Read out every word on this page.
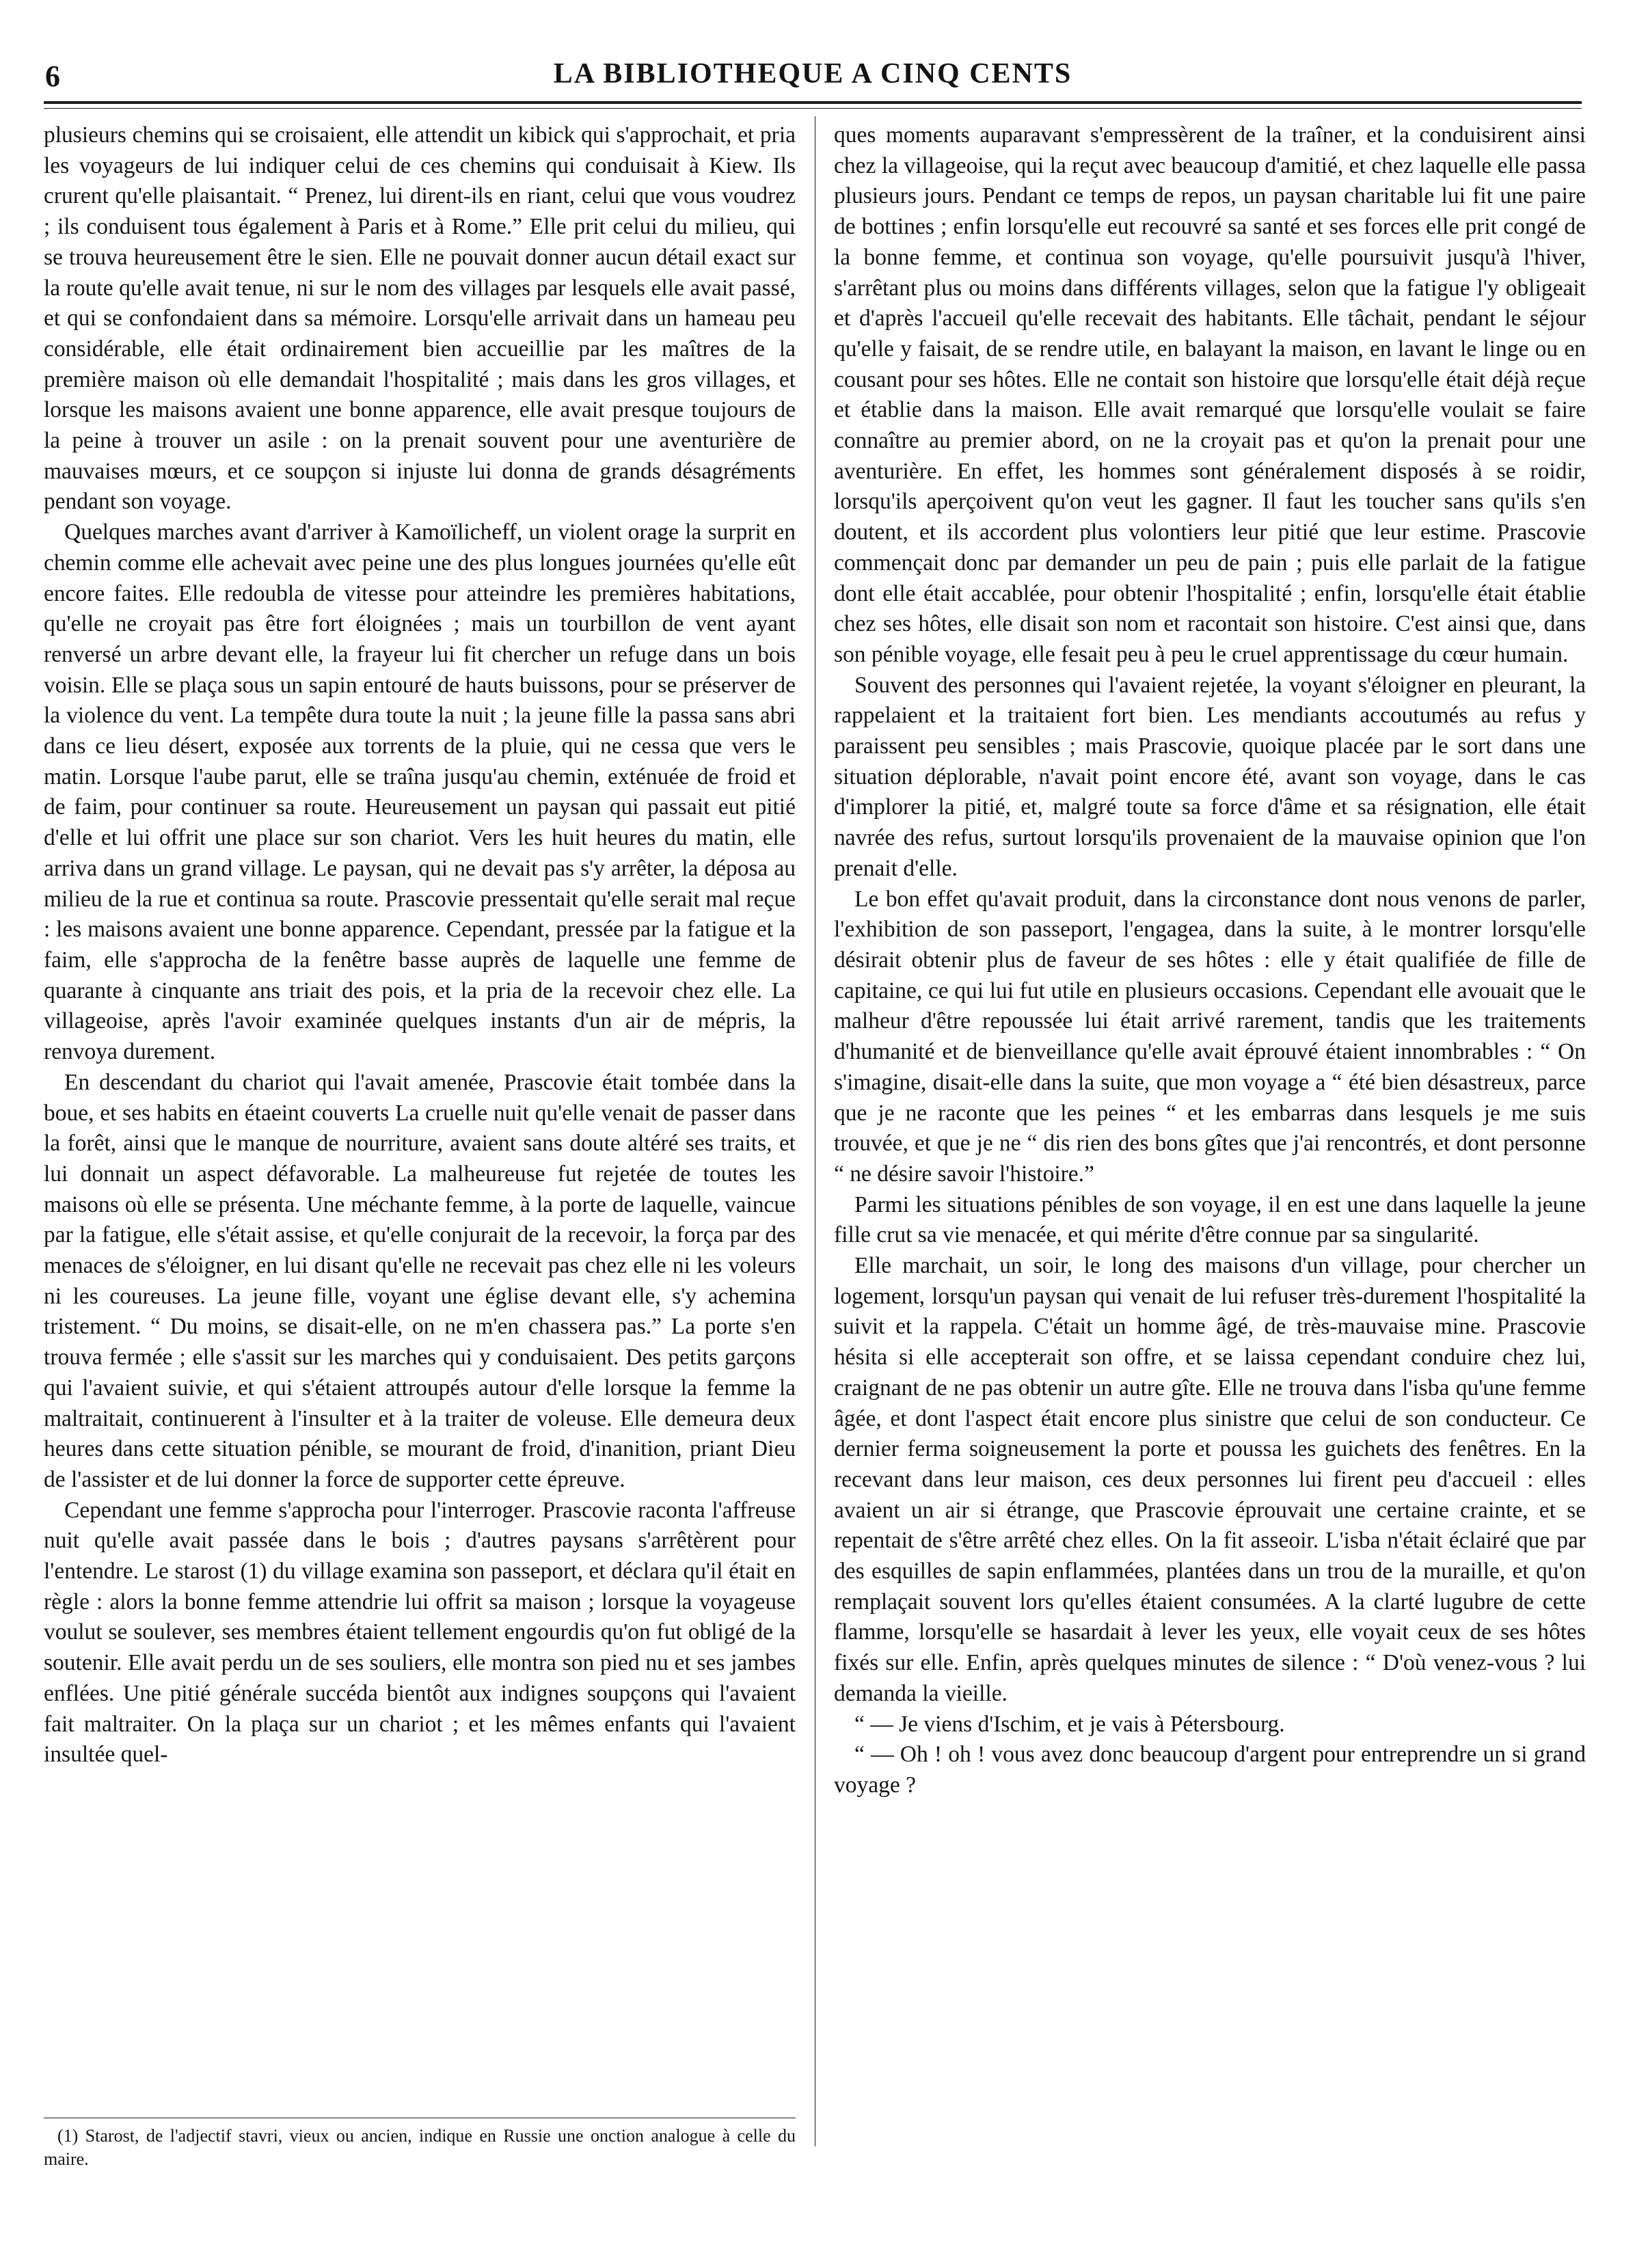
6	LA BIBLIOTHEQUE A CINQ CENTS

plusieurs chemins qui se croisaient, elle attendit un kibick qui s'approchait, et pria les voyageurs de lui indiquer celui de ces chemins qui conduisait à Kiew. Ils crurent qu'elle plaisantait. “ Prenez, lui dirent-ils en riant, celui que vous voudrez ; ils conduisent tous également à Paris et à Rome.” Elle prit celui du milieu, qui se trouva heureusement être le sien. Elle ne pouvait donner aucun détail exact sur la route qu'elle avait tenue, ni sur le nom des villages par lesquels elle avait passé, et qui se confondaient dans sa mémoire. Lorsqu'elle arrivait dans un hameau peu considérable, elle était ordinairement bien accueillie par les maîtres de la première maison où elle demandait l'hospitalité ; mais dans les gros villages, et lorsque les maisons avaient une bonne apparence, elle avait presque toujours de la peine à trouver un asile : on la prenait souvent pour une aventurière de mauvaises mœurs, et ce soupçon si injuste lui donna de grands désagréments pendant son voyage.

Quelques marches avant d'arriver à Kamoïlicheff, un violent orage la surprit en chemin comme elle achevait avec peine une des plus longues journées qu'elle eût encore faites. Elle redoubla de vitesse pour atteindre les premières habitations, qu'elle ne croyait pas être fort éloignées ; mais un tourbillon de vent ayant renversé un arbre devant elle, la frayeur lui fit chercher un refuge dans un bois voisin. Elle se plaça sous un sapin entouré de hauts buissons, pour se préserver de la violence du vent. La tempête dura toute la nuit ; la jeune fille la passa sans abri dans ce lieu désert, exposée aux torrents de la pluie, qui ne cessa que vers le matin. Lorsque l'aube parut, elle se traîna jusqu'au chemin, exténuée de froid et de faim, pour continuer sa route. Heureusement un paysan qui passait eut pitié d'elle et lui offrit une place sur son chariot. Vers les huit heures du matin, elle arriva dans un grand village. Le paysan, qui ne devait pas s'y arrêter, la déposa au milieu de la rue et continua sa route. Prascovie pressentait qu'elle serait mal reçue : les maisons avaient une bonne apparence. Cependant, pressée par la fatigue et la faim, elle s'approcha de la fenêtre basse auprès de laquelle une femme de quarante à cinquante ans triait des pois, et la pria de la recevoir chez elle. La villageoise, après l'avoir examinée quelques instants d'un air de mépris, la renvoya durement.

En descendant du chariot qui l'avait amenée, Prascovie était tombée dans la boue, et ses habits en étaeint couverts La cruelle nuit qu'elle venait de passer dans la forêt, ainsi que le manque de nourriture, avaient sans doute altéré ses traits, et lui donnait un aspect défavorable. La malheureuse fut rejetée de toutes les maisons où elle se présenta. Une méchante femme, à la porte de laquelle, vaincue par la fatigue, elle s'était assise, et qu'elle conjurait de la recevoir, la força par des menaces de s'éloigner, en lui disant qu'elle ne recevait pas chez elle ni les voleurs ni les coureuses. La jeune fille, voyant une église devant elle, s'y achemina tristement. “ Du moins, se disait-elle, on ne m'en chassera pas.” La porte s'en trouva fermée ; elle s'assit sur les marches qui y conduisaient. Des petits garçons qui l'avaient suivie, et qui s'étaient attroupés autour d'elle lorsque la femme la maltraitait, continuerent à l'insulter et à la traiter de voleuse. Elle demeura deux heures dans cette situation pénible, se mourant de froid, d'inanition, priant Dieu de l'assister et de lui donner la force de supporter cette épreuve.

Cependant une femme s'approcha pour l'interroger. Prascovie raconta l'affreuse nuit qu'elle avait passée dans le bois ; d'autres paysans s'arrêtèrent pour l'entendre. Le starost (1) du village examina son passeport, et déclara qu'il était en règle : alors la bonne femme attendrie lui offrit sa maison ; lorsque la voyageuse voulut se soulever, ses membres étaient tellement engourdis qu'on fut obligé de la soutenir. Elle avait perdu un de ses souliers, elle montra son pied nu et ses jambes enflées. Une pitié générale succéda bientôt aux indignes soupçons qui l'avaient fait maltraiter. On la plaça sur un chariot ; et les mêmes enfants qui l'avaient insultée quel-

ques moments auparavant s'empressèrent de la traîner, et la conduisirent ainsi chez la villageoise, qui la reçut avec beaucoup d'amitié, et chez laquelle elle passa plusieurs jours. Pendant ce temps de repos, un paysan charitable lui fit une paire de bottines ; enfin lorsqu'elle eut recouvré sa santé et ses forces elle prit congé de la bonne femme, et continua son voyage, qu'elle poursuivit jusqu'à l'hiver, s'arrêtant plus ou moins dans différents villages, selon que la fatigue l'y obligeait et d'après l'accueil qu'elle recevait des habitants. Elle tâchait, pendant le séjour qu'elle y faisait, de se rendre utile, en balayant la maison, en lavant le linge ou en cousant pour ses hôtes. Elle ne contait son histoire que lorsqu'elle était déjà reçue et établie dans la maison. Elle avait remarqué que lorsqu'elle voulait se faire connaître au premier abord, on ne la croyait pas et qu'on la prenait pour une aventurière. En effet, les hommes sont généralement disposés à se roidir, lorsqu'ils aperçoivent qu'on veut les gagner. Il faut les toucher sans qu'ils s'en doutent, et ils accordent plus volontiers leur pitié que leur estime. Prascovie commençait donc par demander un peu de pain ; puis elle parlait de la fatigue dont elle était accablée, pour obtenir l'hospitalité ; enfin, lorsqu'elle était établie chez ses hôtes, elle disait son nom et racontait son histoire. C'est ainsi que, dans son pénible voyage, elle fesait peu à peu le cruel apprentissage du cœur humain.

Souvent des personnes qui l'avaient rejetée, la voyant s'éloigner en pleurant, la rappelaient et la traitaient fort bien. Les mendiants accoutumés au refus y paraissent peu sensibles ; mais Prascovie, quoique placée par le sort dans une situation déplorable, n'avait point encore été, avant son voyage, dans le cas d'implorer la pitié, et, malgré toute sa force d'âme et sa résignation, elle était navrée des refus, surtout lorsqu'ils provenaient de la mauvaise opinion que l'on prenait d'elle.

Le bon effet qu'avait produit, dans la circonstance dont nous venons de parler, l'exhibition de son passeport, l'engagea, dans la suite, à le montrer lorsqu'elle désirait obtenir plus de faveur de ses hôtes : elle y était qualifiée de fille de capitaine, ce qui lui fut utile en plusieurs occasions. Cependant elle avouait que le malheur d'être repoussée lui était arrivé rarement, tandis que les traitements d'humanité et de bienveillance qu'elle avait éprouvé étaient innombrables : “ On s'imagine, disait-elle dans la suite, que mon voyage a “ été bien désastreux, parce que je ne raconte que les peines “ et les embarras dans lesquels je me suis trouvée, et que je ne “ dis rien des bons gîtes que j'ai rencontrés, et dont personne “ ne désire savoir l'histoire.”

Parmi les situations pénibles de son voyage, il en est une dans laquelle la jeune fille crut sa vie menacée, et qui mérite d'être connue par sa singularité.

Elle marchait, un soir, le long des maisons d'un village, pour chercher un logement, lorsqu'un paysan qui venait de lui refuser très-durement l'hospitalité la suivit et la rappela. C'était un homme âgé, de très-mauvaise mine. Prascovie hésita si elle accepterait son offre, et se laissa cependant conduire chez lui, craignant de ne pas obtenir un autre gîte. Elle ne trouva dans l'isba qu'une femme âgée, et dont l'aspect était encore plus sinistre que celui de son conducteur. Ce dernier ferma soigneusement la porte et poussa les guichets des fenêtres. En la recevant dans leur maison, ces deux personnes lui firent peu d'accueil : elles avaient un air si étrange, que Prascovie éprouvait une certaine crainte, et se repentait de s'être arrêté chez elles. On la fit asseoir. L'isba n'était éclairé que par des esquilles de sapin enflammées, plantées dans un trou de la muraille, et qu'on remplaçait souvent lors qu'elles étaient consumées. A la clarté lugubre de cette flamme, lorsqu'elle se hasardait à lever les yeux, elle voyait ceux de ses hôtes fixés sur elle. Enfin, après quelques minutes de silence : “ D'où venez-vous ? lui demanda la vieille.

“ — Je viens d'Ischim, et je vais à Pétersbourg.

“ — Oh ! oh ! vous avez donc beaucoup d'argent pour entreprendre un si grand voyage ?

(1) Starost, de l'adjectif stavri, vieux ou ancien, indique en Russie une onction analogue à celle du maire.
